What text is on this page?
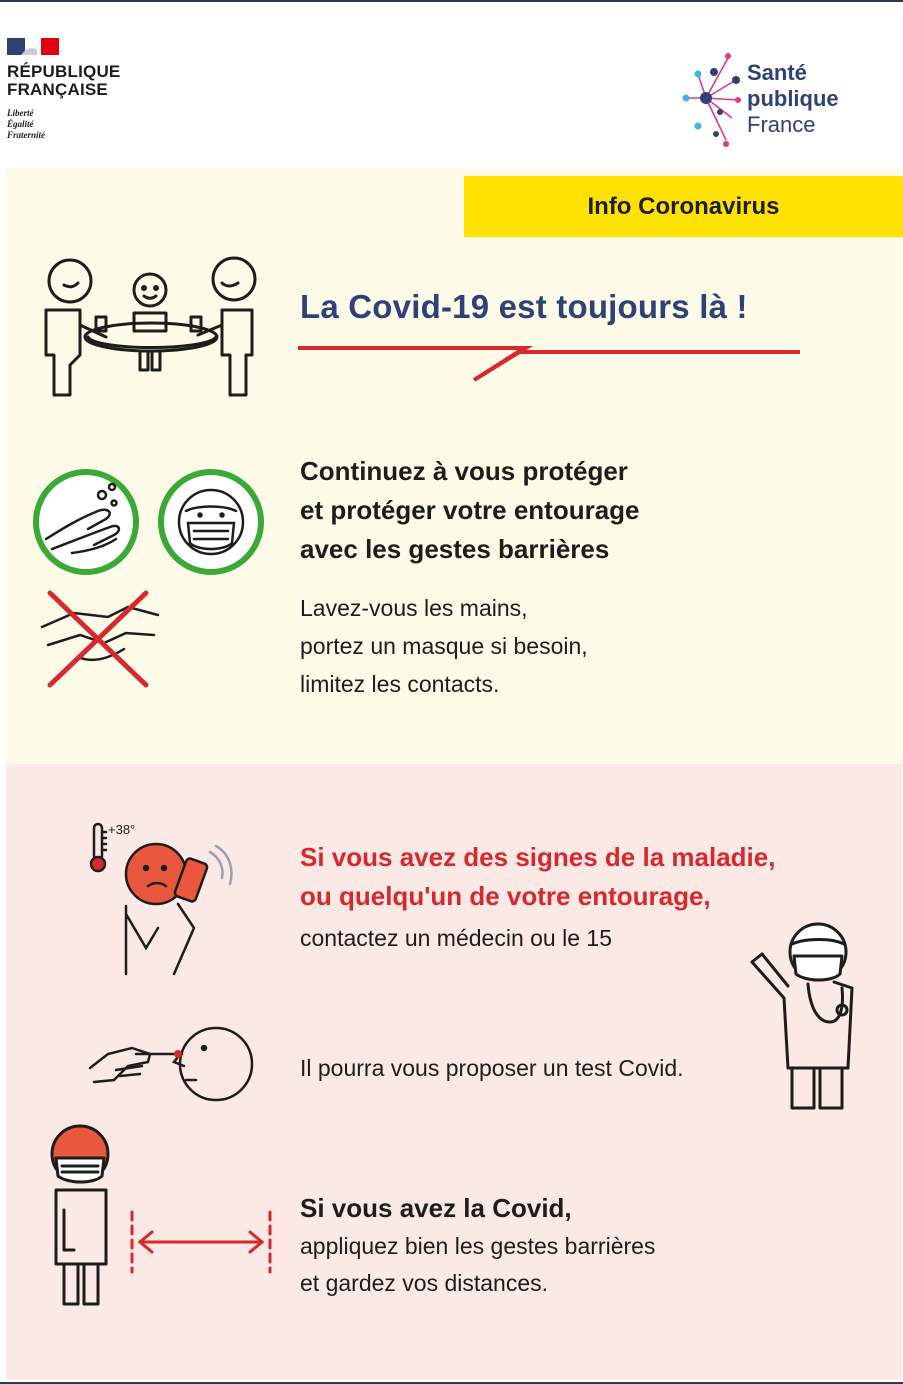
RÉPUBLIQUE
FRANÇAISE
Liberté
Égalité
Fraternité
Santé
publique
France
Info Coronavirus
La Covid-19 est toujours là !
Continuez à vous protéger
et protéger votre entourage
avec les gestes barrières
Lavez-vous les mains,
portez un masque si besoin,
limitez les contacts.
+38°
Si vous avez des signes de la maladie,
ou quelqu'un de votre entourage,
contactez un médecin ou le 15
Il pourra vous proposer un test Covid.
Si vous avez la Covid,
appliquez bien les gestes barrières
et gardez vos distances.
